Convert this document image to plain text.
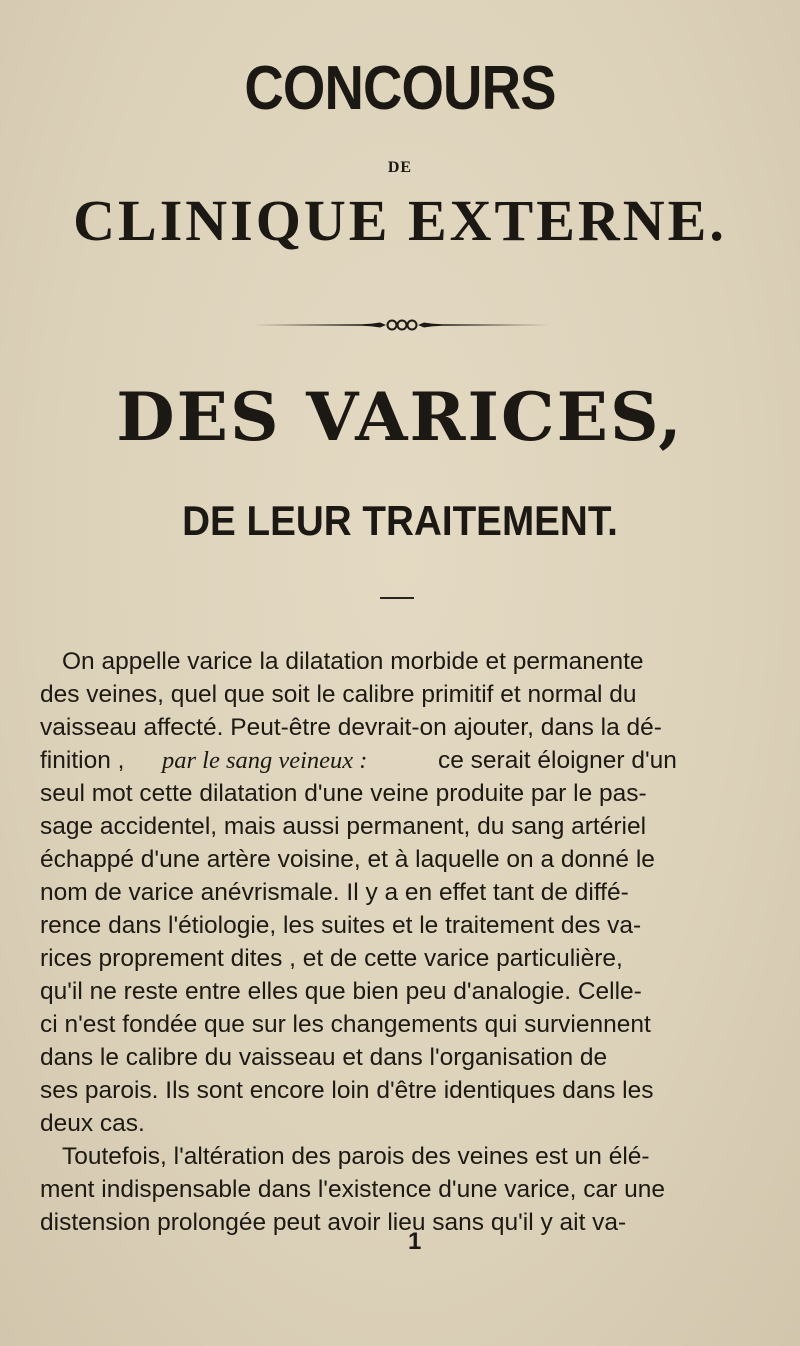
CONCOURS
DE
CLINIQUE EXTERNE.
DES VARICES,
DE LEUR TRAITEMENT.
On appelle varice la dilatation morbide et permanente
des veines, quel que soit le calibre primitif et normal du
vaisseau affecté. Peut-être devrait-on ajouter, dans la dé-
finition , par le sang veineux :	ce serait éloigner d'un
seul mot cette dilatation d'une veine produite par le pas-
sage accidentel, mais aussi permanent, du sang artériel
échappé d'une artère voisine, et à laquelle on a donné le
nom de varice anévrismale. Il y a en effet tant de diffé-
rence dans l'étiologie, les suites et le traitement des va-
rices proprement dites , et de cette varice particulière,
qu'il ne reste entre elles que bien peu d'analogie. Celle-
ci n'est fondée que sur les changements qui surviennent
dans le calibre du vaisseau et dans l'organisation de
ses parois. Ils sont encore loin d'être identiques dans les
deux cas.
Toutefois, l'altération des parois des veines est un élé-
ment indispensable dans l'existence d'une varice, car une
distension prolongée peut avoir lieu sans qu'il y ait va-
1
